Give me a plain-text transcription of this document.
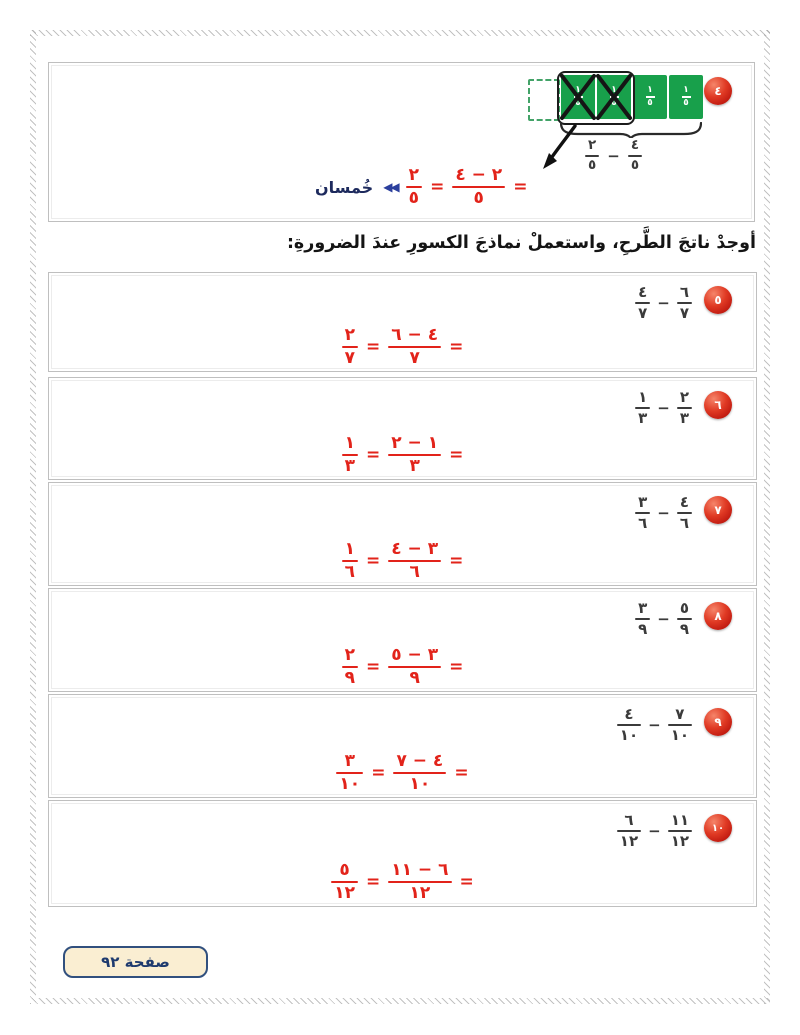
٤
١
٥
١
٥
١
٥
١
٥
$\frac{٢}{٥} - \frac{٤}{٥}$
خُمسان ◀◀ $\frac{٢}{٥} = \frac{٢ - ٤}{٥}$ =
أوجدْ ناتجَ الطَّرحِ، واستعملْ نماذجَ الكسورِ عندَ الضرورةِ:
٥
$\frac{٤}{٧} - \frac{٦}{٧}$
$\frac{٢}{٧} = \frac{٤ - ٦}{٧}$ =
٦
$\frac{١}{٣} - \frac{٢}{٣}$
$\frac{١}{٣} = \frac{١ - ٢}{٣}$ =
٧
$\frac{٣}{٦} - \frac{٤}{٦}$
$\frac{١}{٦} = \frac{٣ - ٤}{٦}$ =
٨
$\frac{٣}{٩} - \frac{٥}{٩}$
$\frac{٢}{٩} = \frac{٣ - ٥}{٩}$ =
٩
$\frac{٤}{١٠} - \frac{٧}{١٠}$
$\frac{٣}{١٠} = \frac{٤ - ٧}{١٠}$ =
١٠
$\frac{٦}{١٢} - \frac{١١}{١٢}$
$\frac{٥}{١٢} = \frac{٦ - ١١}{١٢}$ =
صفحة ٩٢
